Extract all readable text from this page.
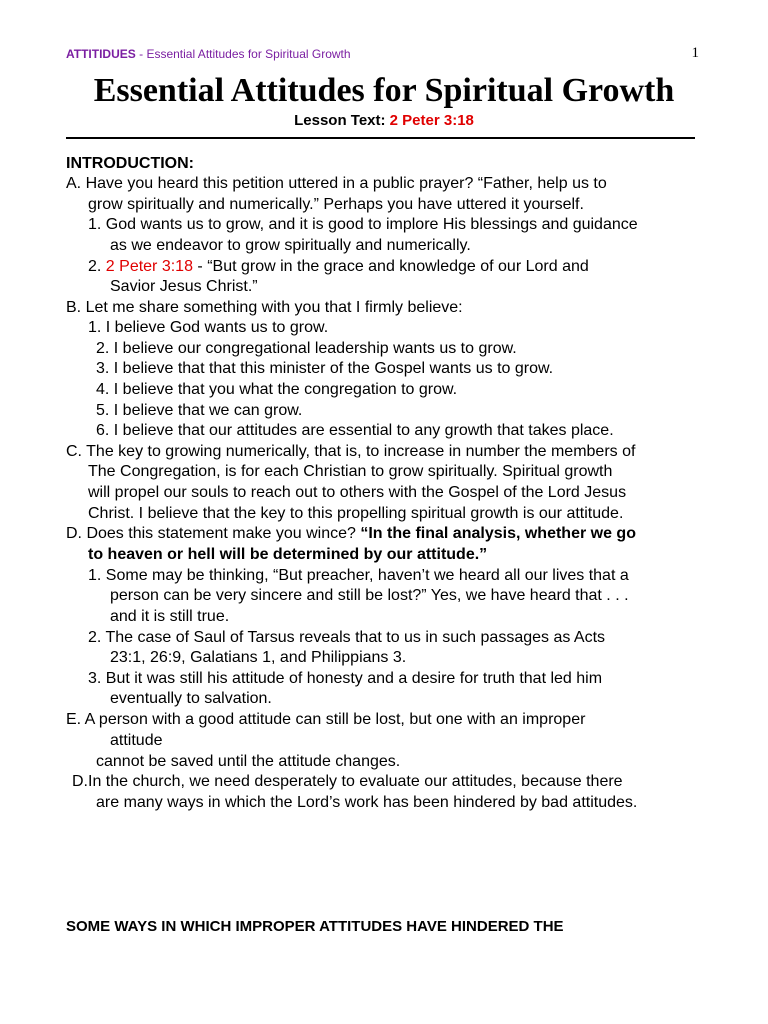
ATTITIDUES - Essential Attitudes for Spiritual Growth	1
Essential Attitudes for Spiritual Growth
Lesson Text: 2 Peter 3:18
INTRODUCTION:
A. Have you heard this petition uttered in a public prayer? “Father, help us to
grow spiritually and numerically.” Perhaps you have uttered it yourself.
1. God wants us to grow, and it is good to implore His blessings and guidance
as we endeavor to grow spiritually and numerically.
2. 2 Peter 3:18 - “But grow in the grace and knowledge of our Lord and
Savior Jesus Christ.”
B. Let me share something with you that I firmly believe:
1. I believe God wants us to grow.
2. I believe our congregational leadership wants us to grow.
3. I believe that that this minister of the Gospel wants us to grow.
4. I believe that you what the congregation to grow.
5. I believe that we can grow.
6. I believe that our attitudes are essential to any growth that takes place.
C. The key to growing numerically, that is, to increase in number the members of
The Congregation, is for each Christian to grow spiritually. Spiritual growth
will propel our souls to reach out to others with the Gospel of the Lord Jesus
Christ. I believe that the key to this propelling spiritual growth is our attitude.
D. Does this statement make you wince? “In the final analysis, whether we go
to heaven or hell will be determined by our attitude.”
1. Some may be thinking, “But preacher, haven’t we heard all our lives that a
person can be very sincere and still be lost?” Yes, we have heard that . . .
and it is still true.
2. The case of Saul of Tarsus reveals that to us in such passages as Acts
23:1, 26:9, Galatians 1, and Philippians 3.
3. But it was still his attitude of honesty and a desire for truth that led him
eventually to salvation.
E. A person with a good attitude can still be lost, but one with an improper
attitude
cannot be saved until the attitude changes.
D.In the church, we need desperately to evaluate our attitudes, because there
are many ways in which the Lord’s work has been hindered by bad attitudes.
SOME WAYS IN WHICH IMPROPER ATTITUDES HAVE HINDERED THE
